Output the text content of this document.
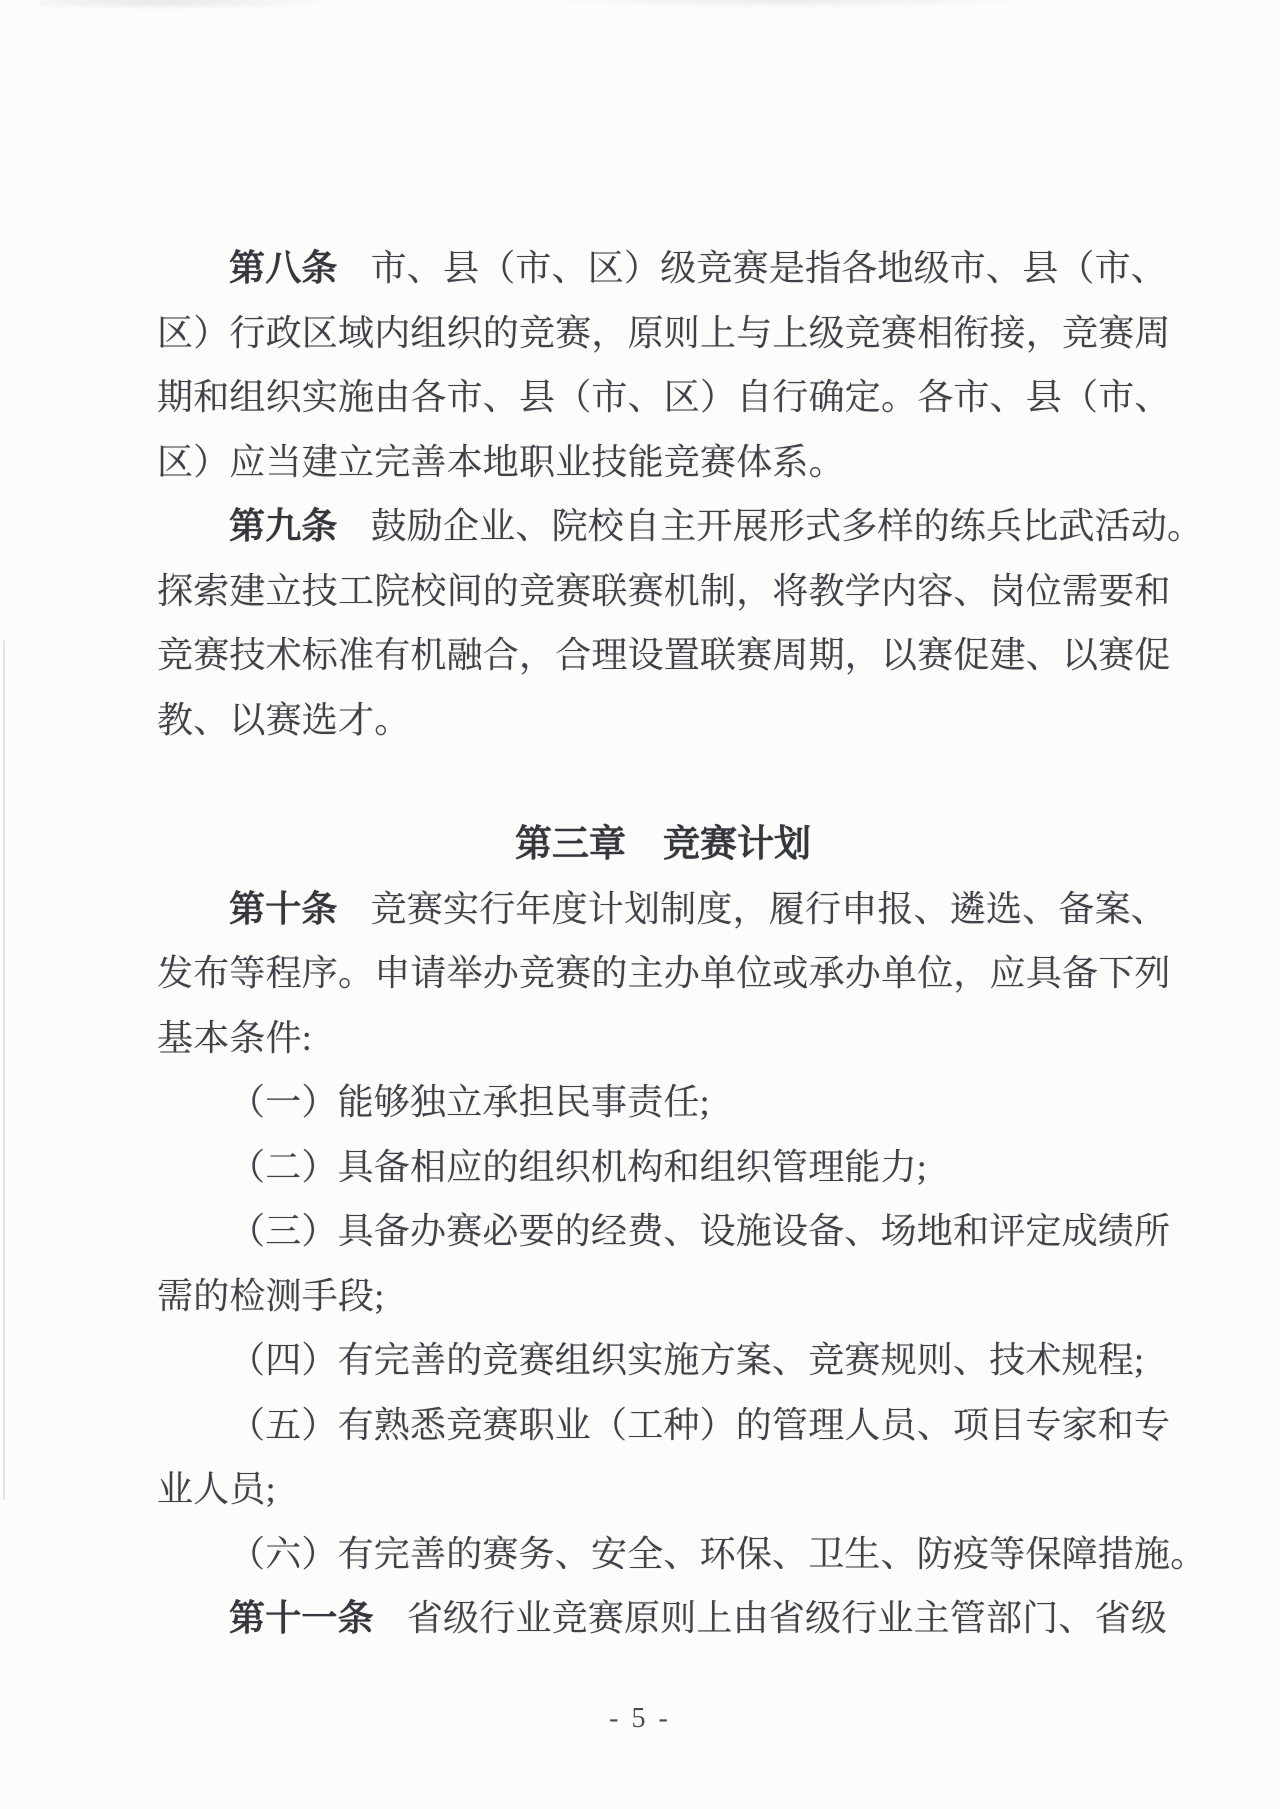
第八条 市、县（市、区）级竞赛是指各地级市、县（市、
区）行政区域内组织的竞赛，原则上与上级竞赛相衔接，竞赛周
期和组织实施由各市、县（市、区）自行确定。各市、县（市、
区）应当建立完善本地职业技能竞赛体系。
第九条 鼓励企业、院校自主开展形式多样的练兵比武活动。
探索建立技工院校间的竞赛联赛机制，将教学内容、岗位需要和
竞赛技术标准有机融合，合理设置联赛周期，以赛促建、以赛促
教、以赛选才。
第三章　竞赛计划
第十条 竞赛实行年度计划制度，履行申报、遴选、备案、
发布等程序。申请举办竞赛的主办单位或承办单位，应具备下列
基本条件:
（一）能够独立承担民事责任;
（二）具备相应的组织机构和组织管理能力;
（三）具备办赛必要的经费、设施设备、场地和评定成绩所
需的检测手段;
（四）有完善的竞赛组织实施方案、竞赛规则、技术规程;
（五）有熟悉竞赛职业（工种）的管理人员、项目专家和专
业人员;
（六）有完善的赛务、安全、环保、卫生、防疫等保障措施。
第十一条 省级行业竞赛原则上由省级行业主管部门、省级
- 5 -
